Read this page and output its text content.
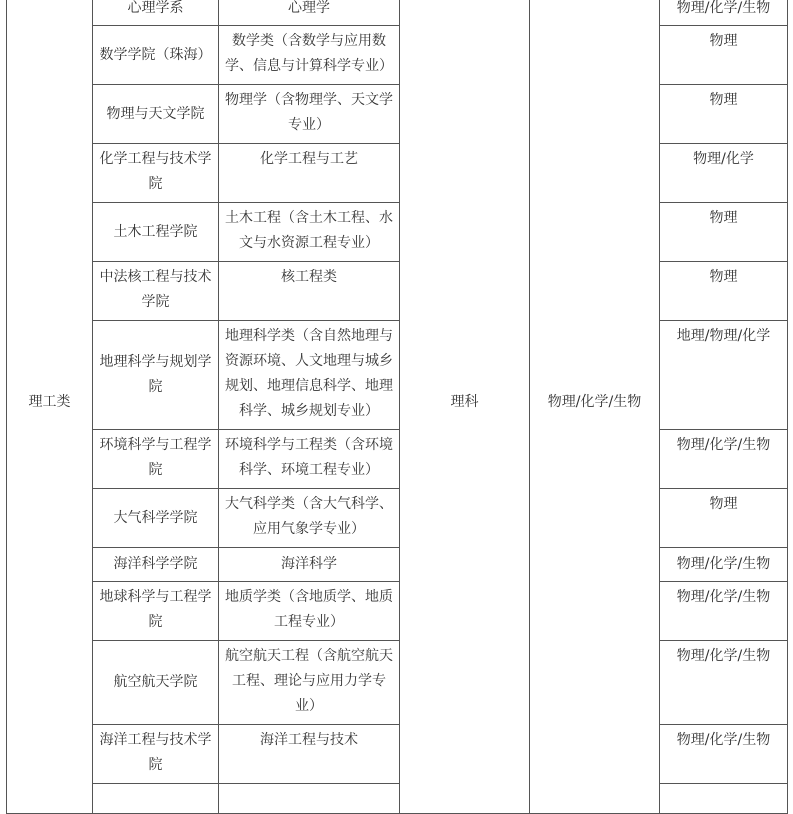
理工类	心理学系	心理学	理科	物理/化学/生物	物理/化学/生物
	数学学院（珠海）	数学类（含数学与应用数学、信息与计算科学专业）			物理
	物理与天文学院	物理学（含物理学、天文学专业）			物理
	化学工程与技术学院	化学工程与工艺			物理/化学
	土木工程学院	土木工程（含土木工程、水文与水资源工程专业）			物理
	中法核工程与技术学院	核工程类			物理
	地理科学与规划学院	地理科学类（含自然地理与资源环境、人文地理与城乡规划、地理信息科学、地理科学、城乡规划专业）			地理/物理/化学
	环境科学与工程学院	环境科学与工程类（含环境科学、环境工程专业）			物理/化学/生物
	大气科学学院	大气科学类（含大气科学、应用气象学专业）			物理
	海洋科学学院	海洋科学			物理/化学/生物
	地球科学与工程学院	地质学类（含地质学、地质工程专业）			物理/化学/生物
	航空航天学院	航空航天工程（含航空航天工程、理论与应用力学专业）			物理/化学/生物
	海洋工程与技术学院	海洋工程与技术			物理/化学/生物
